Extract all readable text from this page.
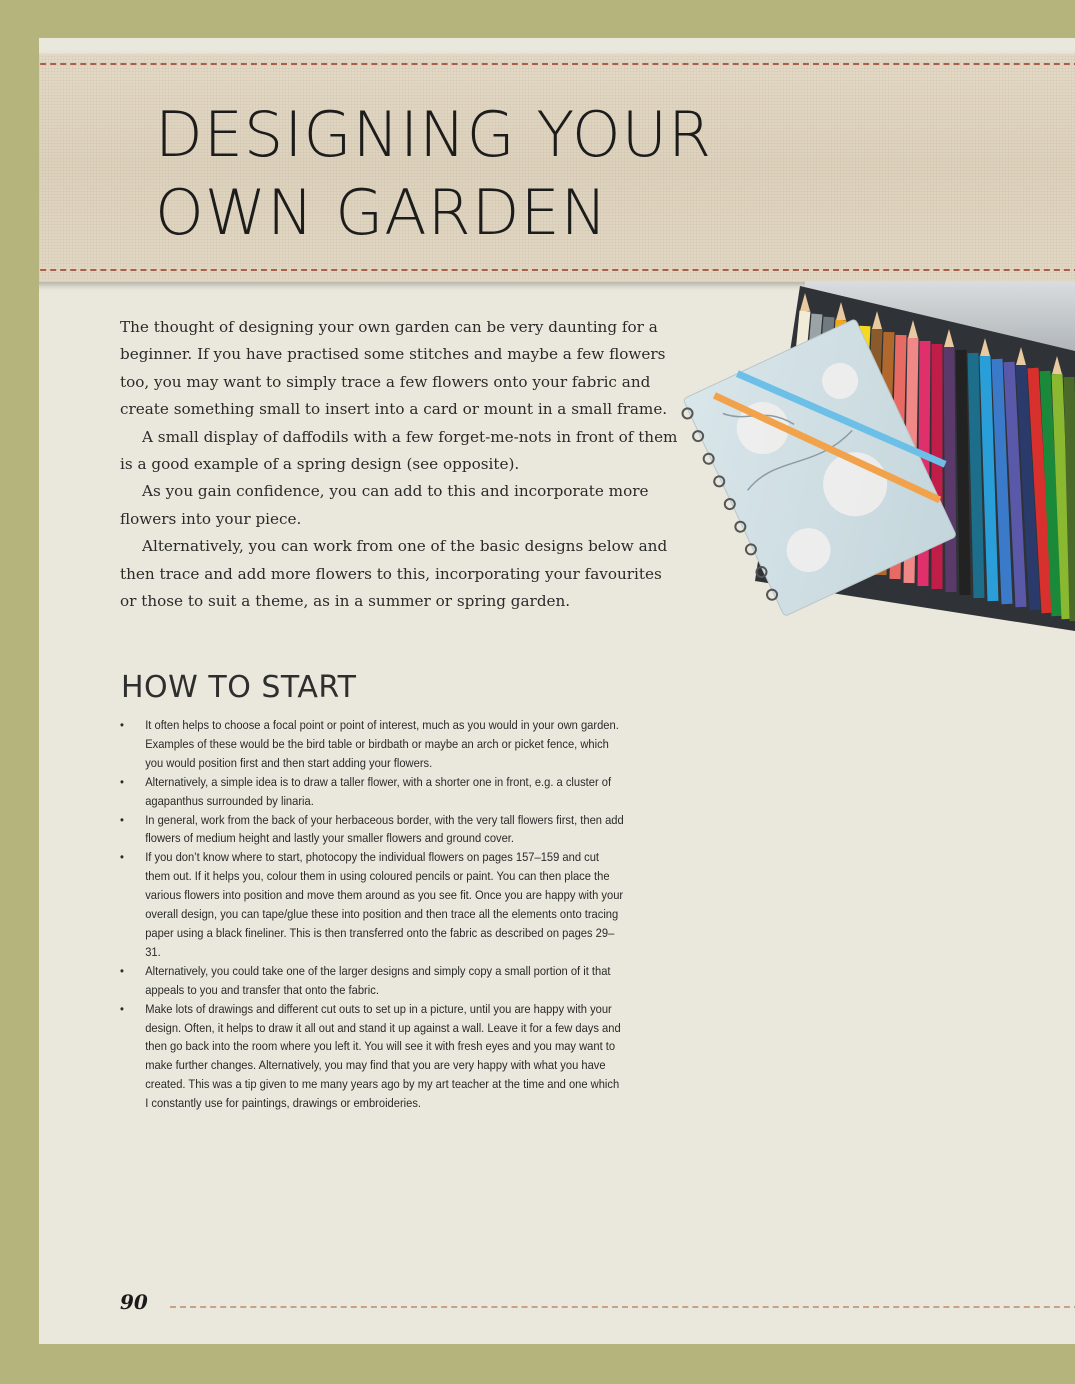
DESIGNING YOUR
OWN GARDEN

The thought of designing your own garden can be very daunting for a beginner. If you have practised some stitches and maybe a few flowers too, you may want to simply trace a few flowers onto your fabric and create something small to insert into a card or mount in a small frame.

A small display of daffodils with a few forget-me-nots in front of them is a good example of a spring design (see opposite).

As you gain confidence, you can add to this and incorporate more flowers into your piece.

Alternatively, you can work from one of the basic designs below and then trace and add more flowers to this, incorporating your favourites or those to suit a theme, as in a summer or spring garden.

HOW TO START
• It often helps to choose a focal point or point of interest, much as you would in your own garden. Examples of these would be the bird table or birdbath or maybe an arch or picket fence, which you would position first and then start adding your flowers.
• Alternatively, a simple idea is to draw a taller flower, with a shorter one in front, e.g. a cluster of agapanthus surrounded by linaria.
• In general, work from the back of your herbaceous border, with the very tall flowers first, then add flowers of medium height and lastly your smaller flowers and ground cover.
• If you don’t know where to start, photocopy the individual flowers on pages 157–159 and cut them out. If it helps you, colour them in using coloured pencils or paint. You can then place the various flowers into position and move them around as you see fit. Once you are happy with your overall design, you can tape/glue these into position and then trace all the elements onto tracing paper using a black fineliner. This is then transferred onto the fabric as described on pages 29–31.
• Alternatively, you could take one of the larger designs and simply copy a small portion of it that appeals to you and transfer that onto the fabric.
• Make lots of drawings and different cut outs to set up in a picture, until you are happy with your design. Often, it helps to draw it all out and stand it up against a wall. Leave it for a few days and then go back into the room where you left it. You will see it with fresh eyes and you may want to make further changes. Alternatively, you may find that you are very happy with what you have created. This was a tip given to me many years ago by my art teacher at the time and one which I constantly use for paintings, drawings or embroideries.
90
